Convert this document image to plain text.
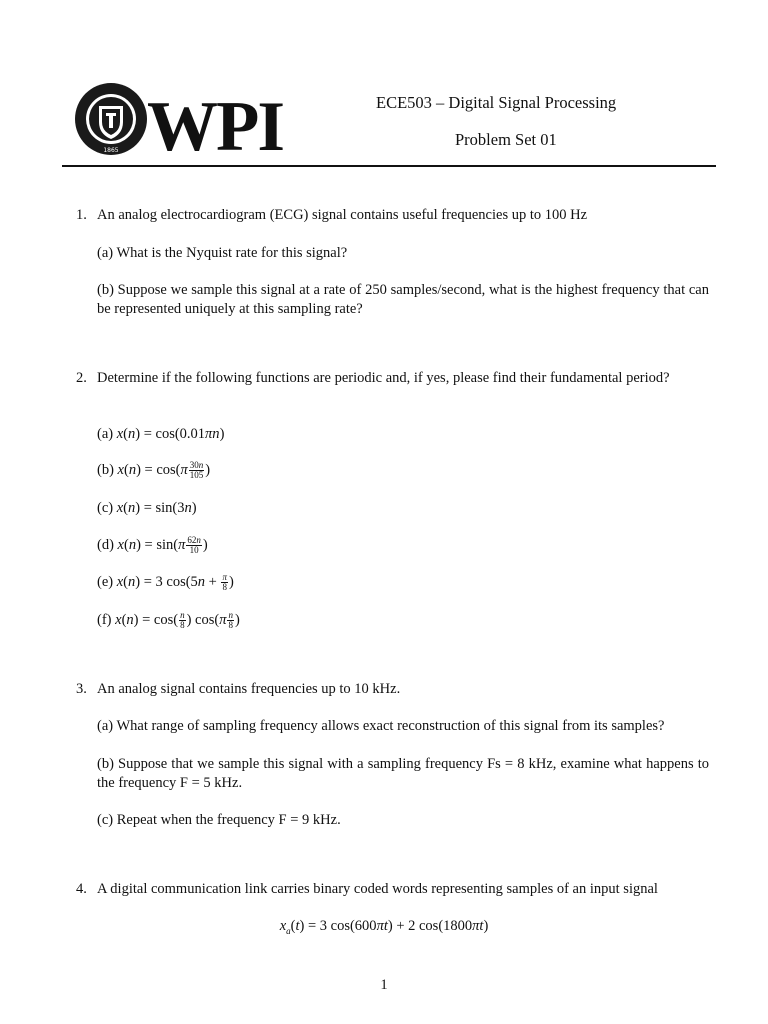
1865 WPI	ECE503 – Digital Signal Processing
Problem Set 01
1. An analog electrocardiogram (ECG) signal contains useful frequencies up to 100 Hz
(a) What is the Nyquist rate for this signal?
(b) Suppose we sample this signal at a rate of 250 samples/second, what is the highest frequency that can be represented uniquely at this sampling rate?
2. Determine if the following functions are periodic and, if yes, please find their fundamental period?
(a) x(n) = cos(0.01πn)
(b) $x(n) = \cos(\pi \frac{30n}{105}$ )
(c) x(n) = sin(3n)
(d) $x(n) = \sin(\pi \frac{62n}{10}$ )
(e) x(n) = 3 $\cos(5n + \frac{\pi}{8}$ )
(f) $x(n) = \cos( \frac{n}{8}$ ) $\cos(\pi \frac{n}{8}$ )
3. An analog signal contains frequencies up to 10 kHz.
(a) What range of sampling frequency allows exact reconstruction of this signal from its samples?
(b) Suppose that we sample this signal with a sampling frequency Fs = 8 kHz, examine what happens to the frequency F = 5 kHz.
(c) Repeat when the frequency F = 9 kHz.
4. A digital communication link carries binary coded words representing samples of an input signal
$x_a(t) = 3$ cos(600πt) + 2 cos(1800πt)
1
